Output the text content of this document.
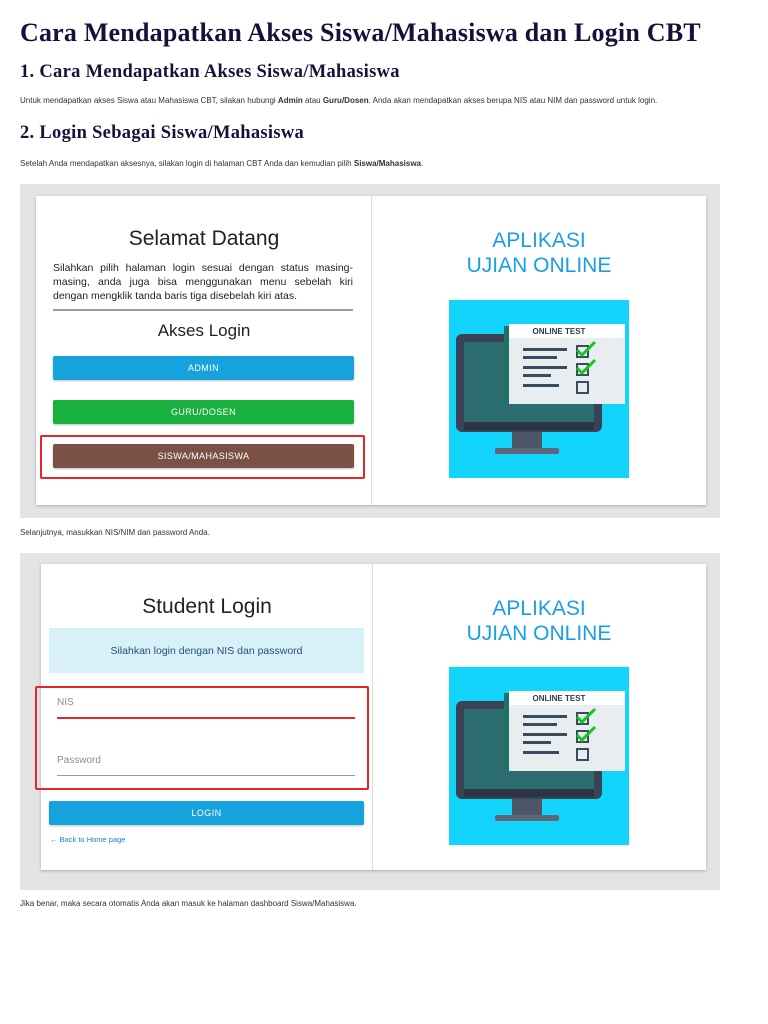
Cara Mendapatkan Akses Siswa/Mahasiswa dan Login CBT
1. Cara Mendapatkan Akses Siswa/Mahasiswa

Untuk mendapatkan akses Siswa atau Mahasiswa CBT, silakan hubungi Admin atau Guru/Dosen. Anda akan mendapatkan akses berupa NIS atau NIM dan password untuk login.

2. Login Sebagai Siswa/Mahasiswa

Setelah Anda mendapatkan aksesnya, silakan login di halaman CBT Anda dan kemudian pilih Siswa/Mahasiswa.

Selamat Datang
Silahkan pilih halaman login sesuai dengan status masing-masing, anda juga bisa menggunakan menu sebelah kiri dengan mengklik tanda baris tiga disebelah kiri atas.
Akses Login
ADMIN
GURU/DOSEN
SISWA/MAHASISWA
APLIKASI
UJIAN ONLINE
ONLINE TEST

Selanjutnya, masukkan NIS/NIM dan password Anda.

Student Login
Silahkan login dengan NIS dan password
NIS
Password
LOGIN
← Back to Home page
APLIKASI
UJIAN ONLINE
ONLINE TEST

Jika benar, maka secara otomatis Anda akan masuk ke halaman dashboard Siswa/Mahasiswa.
